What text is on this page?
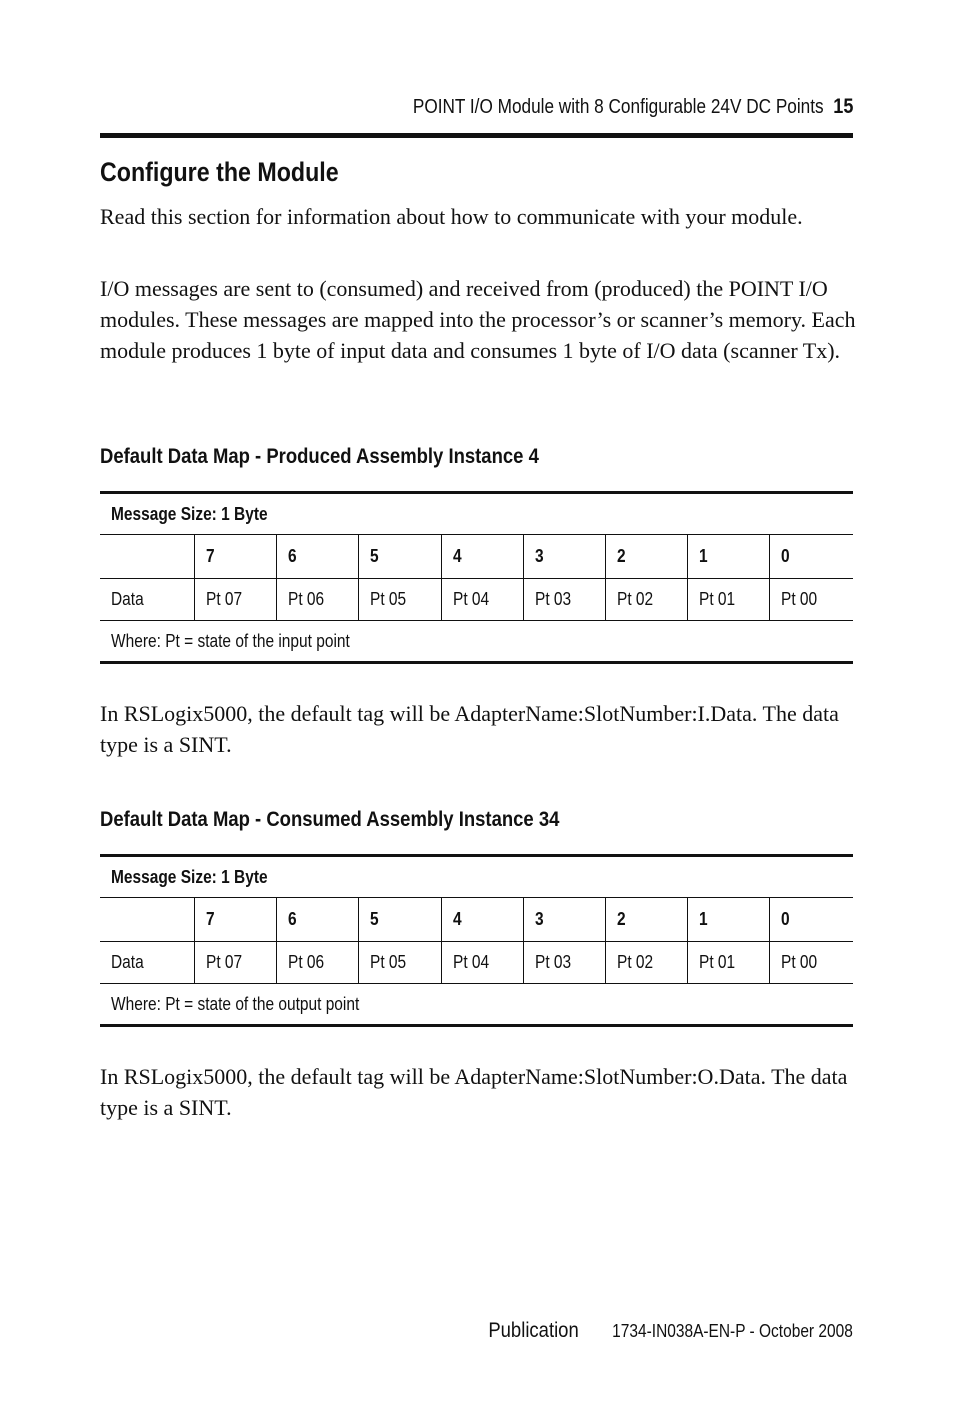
POINT I/O Module with 8 Configurable 24V DC Points 15
Configure the Module
Read this section for information about how to communicate with your module.
I/O messages are sent to (consumed) and received from (produced) the POINT I/O modules. These messages are mapped into the processor’s or scanner’s memory. Each module produces 1 byte of input data and consumes 1 byte of I/O data (scanner Tx).
Default Data Map - Produced Assembly Instance 4
Message Size: 1 Byte								
	7	6	5	4	3	2	1	0
Data	Pt 07	Pt 06	Pt 05	Pt 04	Pt 03	Pt 02	Pt 01	Pt 00
Where: Pt = state of the input point								
In RSLogix5000, the default tag will be AdapterName:SlotNumber:I.Data. The data type is a SINT.
Default Data Map - Consumed Assembly Instance 34
Message Size: 1 Byte								
	7	6	5	4	3	2	1	0
Data	Pt 07	Pt 06	Pt 05	Pt 04	Pt 03	Pt 02	Pt 01	Pt 00
Where: Pt = state of the output point								
In RSLogix5000, the default tag will be AdapterName:SlotNumber:O.Data. The data type is a SINT.
Publication 1734-IN038A-EN-P - October 2008
